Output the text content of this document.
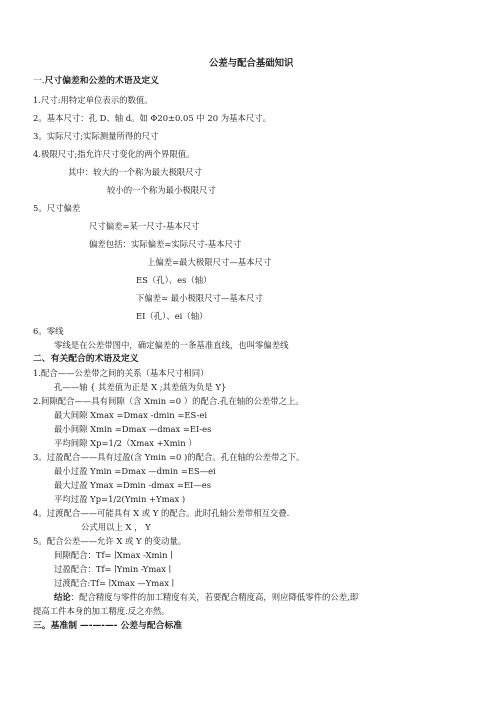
公差与配合基础知识
一.尺寸偏差和公差的术语及定义
1.尺寸:用特定单位表示的数值。
2。基本尺寸：孔 D、轴 d。如 Φ20±0.05 中 20 为基本尺寸。
3。实际尺寸;实际测量所得的尺寸
4.极限尺寸;指允许尺寸变化的两个界限值。
其中：较大的一个称为最大极限尺寸
较小的一个称为最小极限尺寸
5。尺寸偏差
尺寸偏差=某一尺寸-基本尺寸
偏差包括：实际偏差=实际尺寸-基本尺寸
上偏差=最大极限尺寸—基本尺寸
ES（孔）、es（轴）
下偏差= 最小极限尺寸—基本尺寸
EI（孔）、ei（轴）
6。零线
零线是在公差带图中，确定偏差的一条基准直线，也叫零偏差线
二、有关配合的术语及定义
1.配合——公差带之间的关系（基本尺寸相同）
孔——轴 { 其差值为正是 X ;其差值为负是 Y}
2.间隙配合——具有间隙（含 Xmin =0 ）的配合.孔在轴的公差带之上。
最大间隙 Xmax =Dmax -dmin =ES-ei
最小间隙 Xmin =Dmax —dmax =EI-es
平均间隙 Xp=1/2（Xmax +Xmin ）
3。过盈配合——具有过盈(含 Ymin =0 )的配合。孔在轴的公差带之下。
最小过盈 Ymin =Dmax —dmin =ES—ei
最大过盈 Ymax =Dmin -dmax =EI—es
平均过盈 Yp=1/2(Ymin +Ymax )
4。过渡配合——可能具有 X 或 Y 的配合。此时孔轴公差带相互交叠.
公式用以上 X ， Y
5。配合公差——允许 X 或 Y 的变动量。
间隙配合：Tf= ∣Xmax -Xmin ∣
过盈配合：Tf= ∣Ymin -Ymax ∣
过渡配合:Tf= ∣Xmax —Ymax ∣
结论：配合精度与零件的加工精度有关，若要配合精度高，则应降低零件的公差,即
提高工件本身的加工精度.反之亦然。
三。基准制 —-—-—- 公差与配合标准
